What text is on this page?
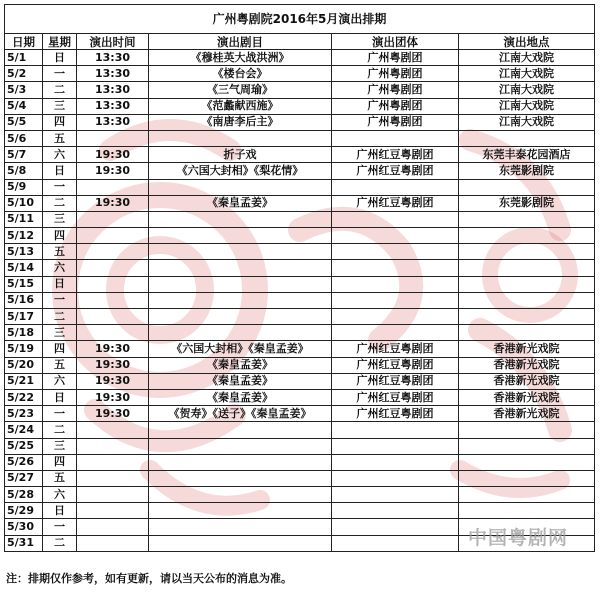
广州粤剧院2016年5月演出排期					
日期	星期	演出时间	演出剧目	演出团体	演出地点
5/1	日	13:30	《穆桂英大战洪洲》	广州粤剧团	江南大戏院
5/2	一	13:30	《楼台会》	广州粤剧团	江南大戏院
5/3	二	13:30	《三气周瑜》	广州粤剧团	江南大戏院
5/4	三	13:30	《范蠡献西施》	广州粤剧团	江南大戏院
5/5	四	13:30	《南唐李后主》	广州粤剧团	江南大戏院
5/6	五				
5/7	六	19:30	折子戏	广州红豆粤剧团	东莞丰泰花园酒店
5/8	日	19:30	《六国大封相》《梨花情》	广州红豆粤剧团	东莞影剧院
5/9	一				
5/10	二	19:30	《秦皇孟姜》	广州红豆粤剧团	东莞影剧院
5/11	三				
5/12	四				
5/13	五				
5/14	六				
5/15	日				
5/16	一				
5/17	二				
5/18	三				
5/19	四	19:30	《六国大封相》《秦皇孟姜》	广州红豆粤剧团	香港新光戏院
5/20	五	19:30	《秦皇孟姜》	广州红豆粤剧团	香港新光戏院
5/21	六	19:30	《秦皇孟姜》	广州红豆粤剧团	香港新光戏院
5/22	日	19:30	《秦皇孟姜》	广州红豆粤剧团	香港新光戏院
5/23	一	19:30	《贺寿》《送子》《秦皇孟姜》	广州红豆粤剧团	香港新光戏院
5/24	二				
5/25	三				
5/26	四				
5/27	五				
5/28	六				
5/29	日				
5/30	一				
5/31	二				
						中国粤剧网
注：排期仅作参考，如有更新，请以当天公布的消息为准。
